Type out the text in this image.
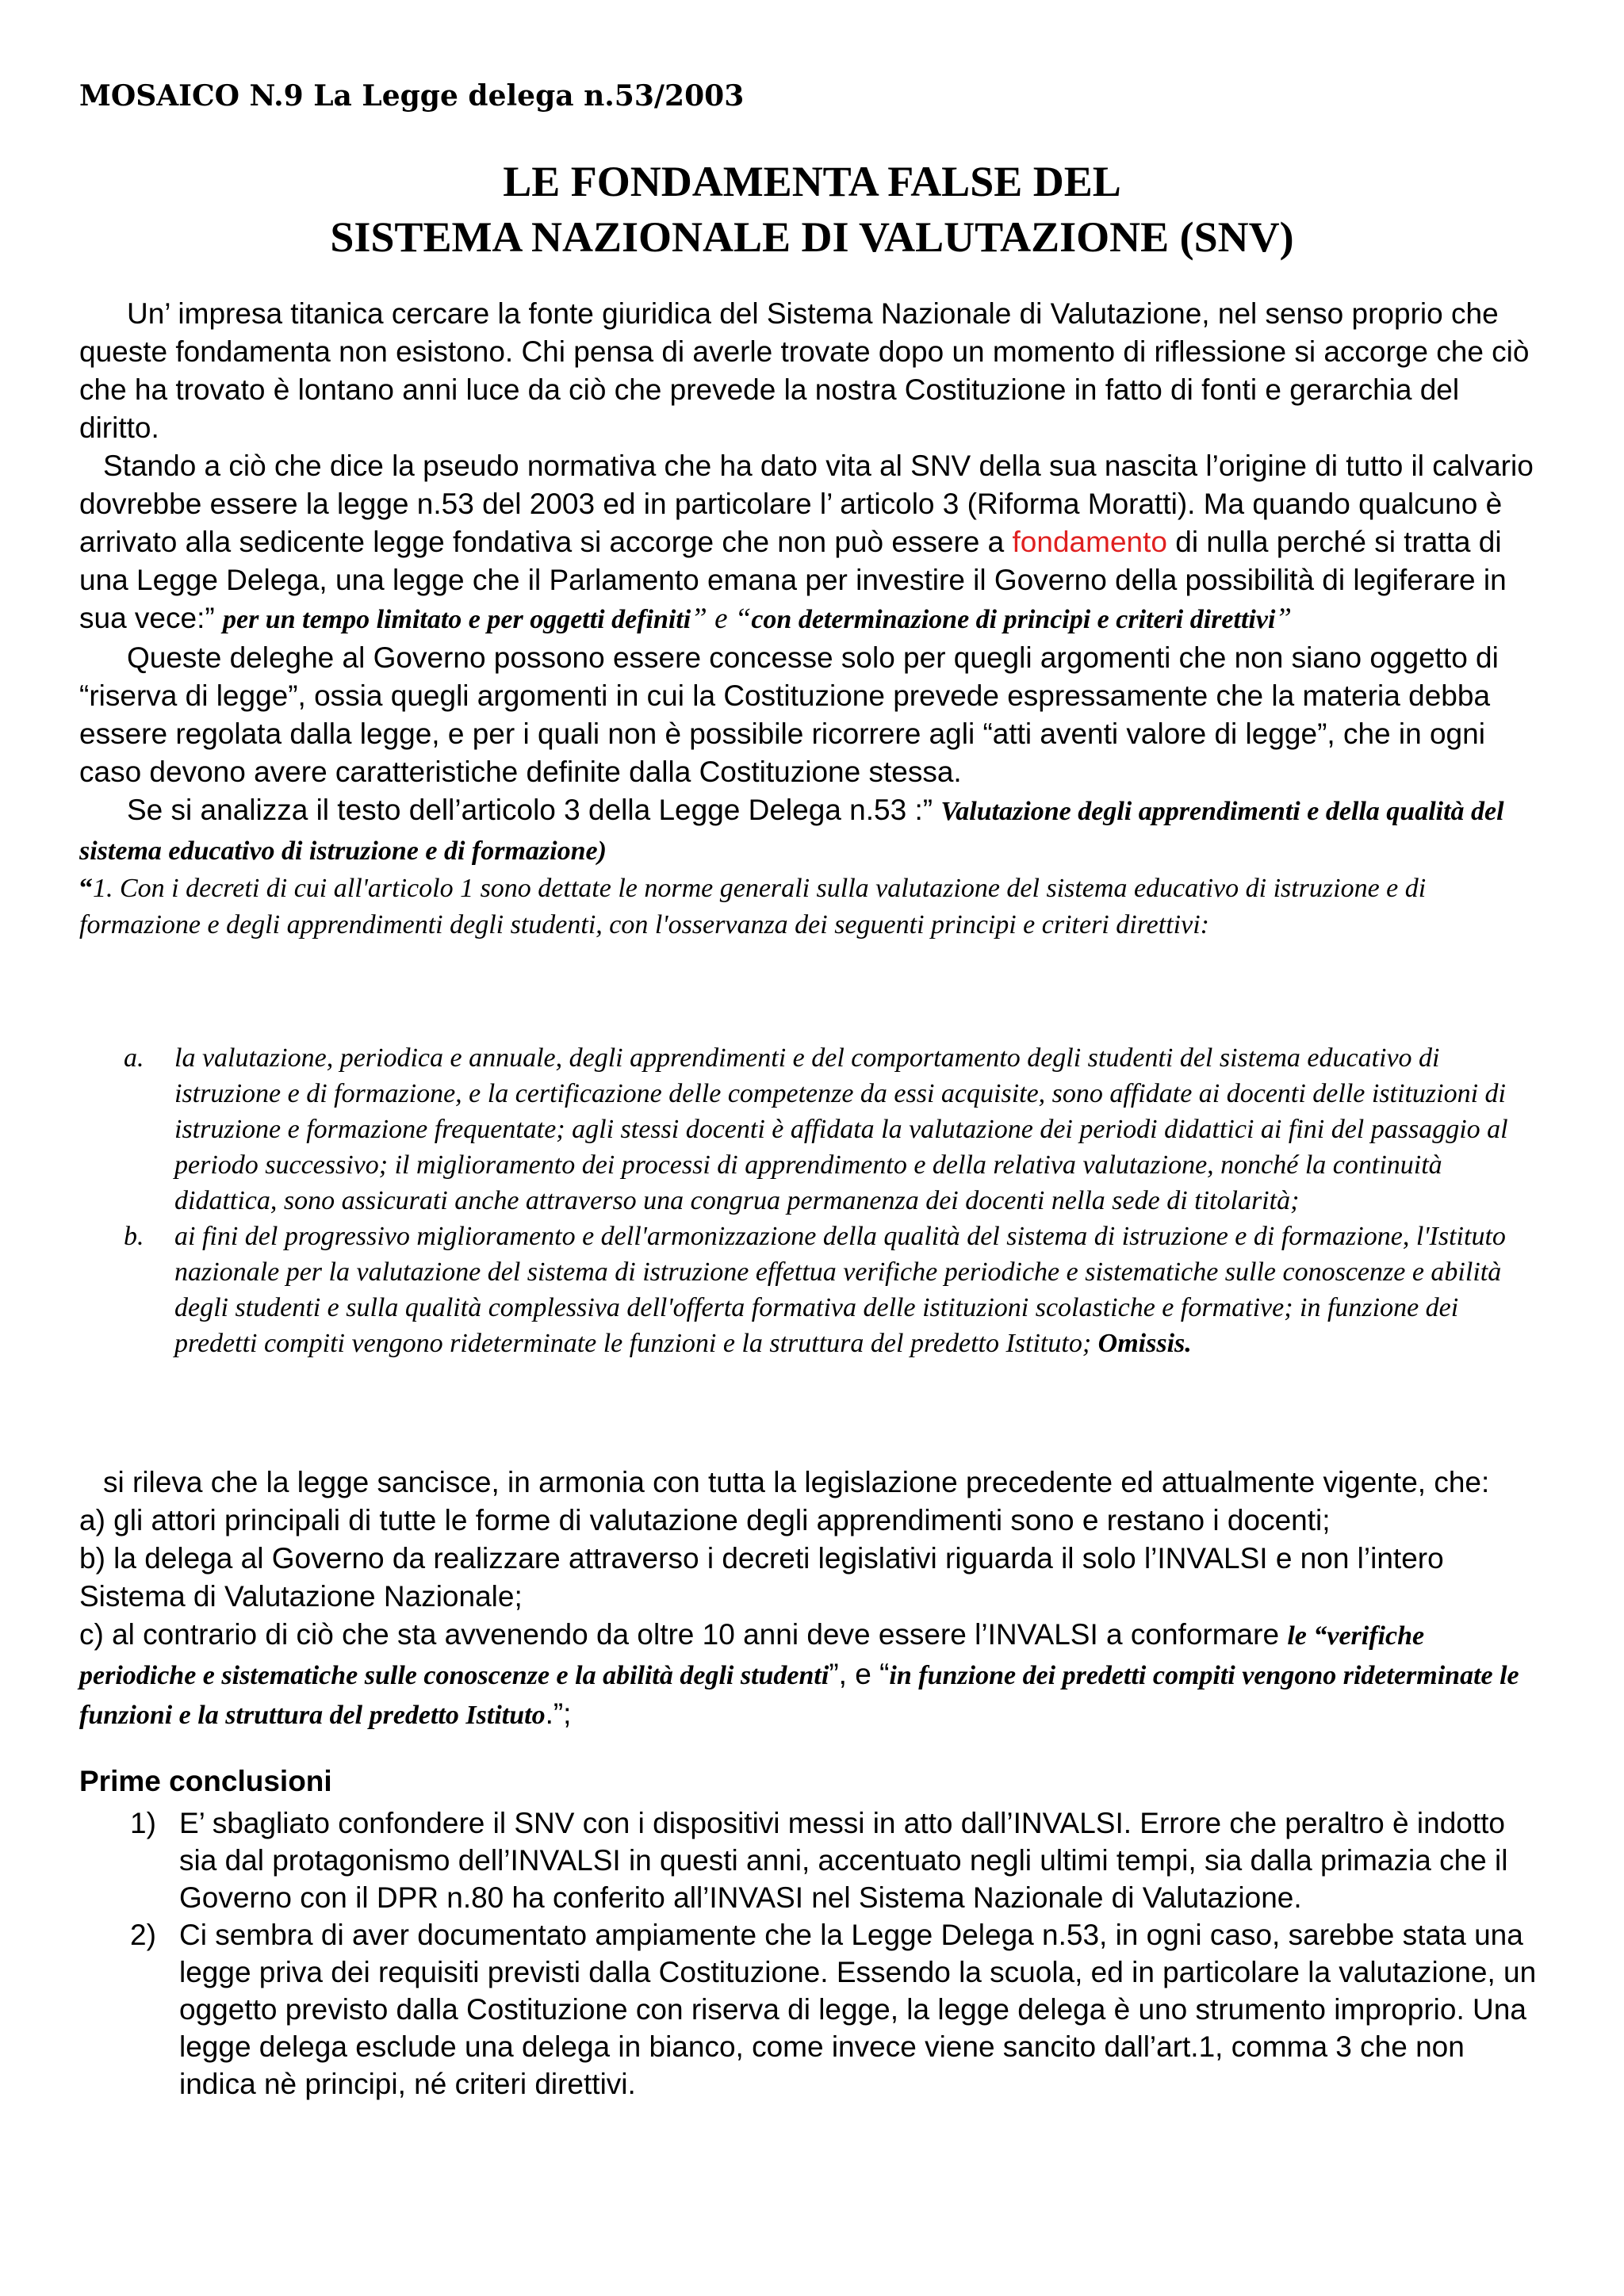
MOSAICO N.9 La Legge delega n.53/2003
LE FONDAMENTA FALSE DEL
SISTEMA NAZIONALE DI VALUTAZIONE (SNV)

Un’ impresa titanica cercare la fonte giuridica del Sistema Nazionale di Valutazione, nel senso proprio che queste fondamenta non esistono. Chi pensa di averle trovate dopo un momento di riflessione si accorge che ciò che ha trovato è lontano anni luce da ciò che prevede la nostra Costituzione in fatto di fonti e gerarchia del diritto.

Stando a ciò che dice la pseudo normativa che ha dato vita al SNV della sua nascita l’origine di tutto il calvario dovrebbe essere la legge n.53 del 2003 ed in particolare l’ articolo 3 (Riforma Moratti). Ma quando qualcuno è arrivato alla sedicente legge fondativa si accorge che non può essere a fondamento di nulla perché si tratta di una Legge Delega, una legge che il Parlamento emana per investire il Governo della possibilità di legiferare in sua vece:” per un tempo limitato e per oggetti definiti” e “con determinazione di principi e criteri direttivi”

Queste deleghe al Governo possono essere concesse solo per quegli argomenti che non siano oggetto di “riserva di legge”, ossia quegli argomenti in cui la Costituzione prevede espressamente che la materia debba essere regolata dalla legge, e per i quali non è possibile ricorrere agli “atti aventi valore di legge”, che in ogni caso devono avere caratteristiche definite dalla Costituzione stessa.

Se si analizza il testo dell’articolo 3 della Legge Delega n.53 :” Valutazione degli apprendimenti e della qualità del sistema educativo di istruzione e di formazione)

“1. Con i decreti di cui all'articolo 1 sono dettate le norme generali sulla valutazione del sistema educativo di istruzione e di formazione e degli apprendimenti degli studenti, con l'osservanza dei seguenti principi e criteri direttivi:

a. la valutazione, periodica e annuale, degli apprendimenti e del comportamento degli studenti del sistema educativo di istruzione e di formazione, e la certificazione delle competenze da essi acquisite, sono affidate ai docenti delle istituzioni di istruzione e formazione frequentate; agli stessi docenti è affidata la valutazione dei periodi didattici ai fini del passaggio al periodo successivo; il miglioramento dei processi di apprendimento e della relativa valutazione, nonché la continuità didattica, sono assicurati anche attraverso una congrua permanenza dei docenti nella sede di titolarità;
b. ai fini del progressivo miglioramento e dell'armonizzazione della qualità del sistema di istruzione e di formazione, l'Istituto nazionale per la valutazione del sistema di istruzione effettua verifiche periodiche e sistematiche sulle conoscenze e abilità degli studenti e sulla qualità complessiva dell'offerta formativa delle istituzioni scolastiche e formative; in funzione dei predetti compiti vengono rideterminate le funzioni e la struttura del predetto Istituto; Omissis.

si rileva che la legge sancisce, in armonia con tutta la legislazione precedente ed attualmente vigente, che:

a) gli attori principali di tutte le forme di valutazione degli apprendimenti sono e restano i docenti;

b) la delega al Governo da realizzare attraverso i decreti legislativi riguarda il solo l’INVALSI e non l’intero Sistema di Valutazione Nazionale;

c) al contrario di ciò che sta avvenendo da oltre 10 anni deve essere l’INVALSI a conformare le “verifiche periodiche e sistematiche sulle conoscenze e la abilità degli studenti”, e “in funzione dei predetti compiti vengono rideterminate le funzioni e la struttura del predetto Istituto.”;

Prime conclusioni
1) E’ sbagliato confondere il SNV con i dispositivi messi in atto dall’INVALSI. Errore che peraltro è indotto sia dal protagonismo dell’INVALSI in questi anni, accentuato negli ultimi tempi, sia dalla primazia che il Governo con il DPR n.80 ha conferito all’INVASI nel Sistema Nazionale di Valutazione.
2) Ci sembra di aver documentato ampiamente che la Legge Delega n.53, in ogni caso, sarebbe stata una legge priva dei requisiti previsti dalla Costituzione. Essendo la scuola, ed in particolare la valutazione, un oggetto previsto dalla Costituzione con riserva di legge, la legge delega è uno strumento improprio. Una legge delega esclude una delega in bianco, come invece viene sancito dall’art.1, comma 3 che non indica nè principi, né criteri direttivi.
